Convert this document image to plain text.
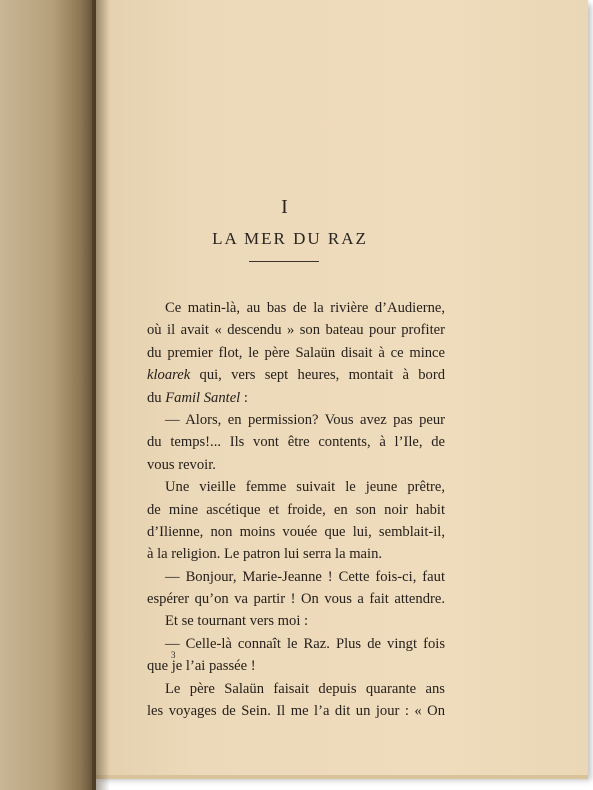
I
LA MER DU RAZ
Ce matin-là, au bas de la rivière d’Audierne,
où il avait « descendu » son bateau pour profiter
du premier flot, le père Salaün disait à ce mince
kloarek qui, vers sept heures, montait à bord
du Famil Santel :
— Alors, en permission? Vous avez pas peur
du temps!... Ils vont être contents, à l’Ile, de
vous revoir.
Une vieille femme suivait le jeune prêtre,
de mine ascétique et froide, en son noir habit
d’Ilienne, non moins vouée que lui, semblait-il,
à la religion. Le patron lui serra la main.
— Bonjour, Marie-Jeanne ! Cette fois-ci, faut
espérer qu’on va partir ! On vous a fait attendre.
Et se tournant vers moi :
— Celle-là connaît le Raz. Plus de vingt fois
que je l’ai passée !
Le père Salaün faisait depuis quarante ans
les voyages de Sein. Il me l’a dit un jour : « On
3
